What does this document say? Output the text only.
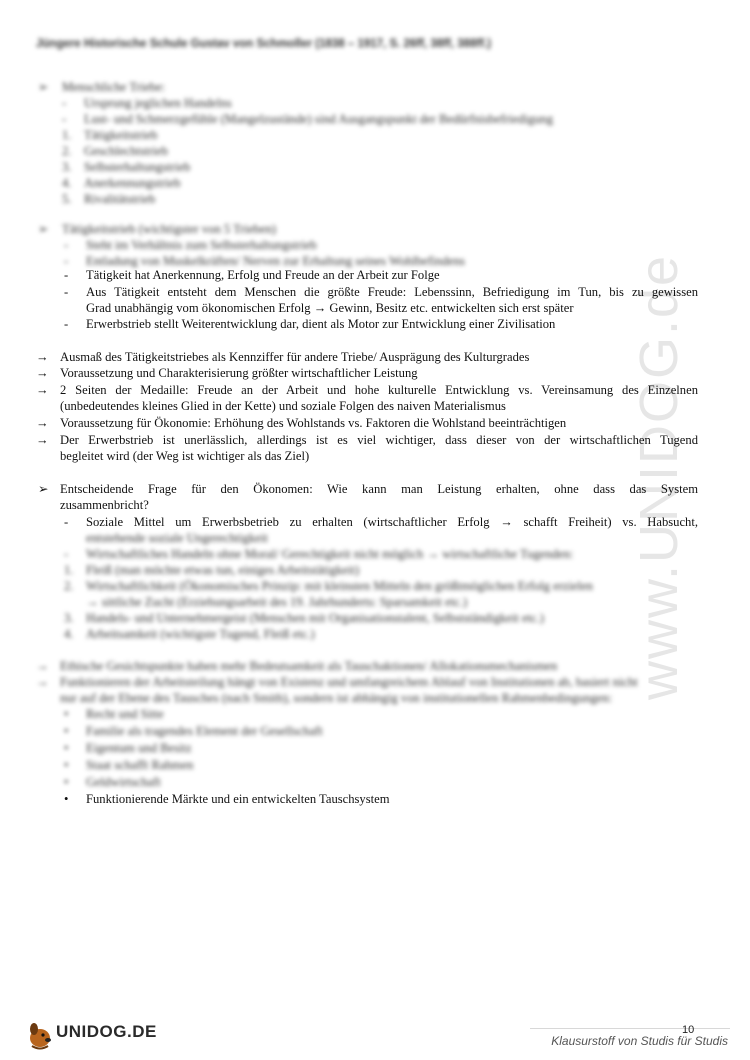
www.UNIDOG.de
Jüngere Historische Schule Gustav von Schmoller (1838 – 1917, S. 26ff, 38ff, 388ff.)
➢ Menschliche Triebe:
- Ursprung jeglichen Handelns
- Lust- und Schmerzgefühle (Mangelzustände) sind Ausgangspunkt der Bedürfnisbefriedigung
1. Tätigkeitstrieb
2. Geschlechtstrieb
3. Selbsterhaltungstrieb
4. Anerkennungstrieb
5. Rivalitätstrieb
➢ Tätigkeitstrieb (wichtigster von 5 Trieben)
- Steht im Verhältnis zum Selbsterhaltungstrieb
- Entladung von Muskelkräften/ Nerven zur Erhaltung seines Wohlbefindens
- Tätigkeit hat Anerkennung, Erfolg und Freude an der Arbeit zur Folge
- Aus Tätigkeit entsteht dem Menschen die größte Freude: Lebenssinn, Befriedigung im Tun, bis zu gewissen
Grad unabhängig vom ökonomischen Erfolg → Gewinn, Besitz etc. entwickelten sich erst später
- Erwerbstrieb stellt Weiterentwicklung dar, dient als Motor zur Entwicklung einer Zivilisation
→ Ausmaß des Tätigkeitstriebes als Kennziffer für andere Triebe/ Ausprägung des Kulturgrades
→ Voraussetzung und Charakterisierung größter wirtschaftlicher Leistung
→ 2 Seiten der Medaille: Freude an der Arbeit und hohe kulturelle Entwicklung vs. Vereinsamung des Einzelnen
(unbedeutendes kleines Glied in der Kette) und soziale Folgen des naiven Materialismus
→ Voraussetzung für Ökonomie: Erhöhung des Wohlstands vs. Faktoren die Wohlstand beeinträchtigen
→ Der Erwerbstrieb ist unerlässlich, allerdings ist es viel wichtiger, dass dieser von der wirtschaftlichen Tugend
begleitet wird (der Weg ist wichtiger als das Ziel)
➢ Entscheidende Frage für den Ökonomen: Wie kann man Leistung erhalten, ohne dass das System
zusammenbricht?
- Soziale Mittel um Erwerbsbetrieb zu erhalten (wirtschaftlicher Erfolg → schafft Freiheit) vs. Habsucht,
entstehende soziale Ungerechtigkeit
- Wirtschaftliches Handeln ohne Moral/ Gerechtigkeit nicht möglich → wirtschaftliche Tugenden:
1. Fleiß (man möchte etwas tun, einiges Arbeitstätigkeit)
2. Wirtschaftlichkeit (Ökonomisches Prinzip: mit kleinsten Mitteln den größtmöglichen Erfolg erzielen
→ sittliche Zucht (Erziehungsarbeit des 19. Jahrhunderts: Sparsamkeit etc.)
3. Handels- und Unternehmergeist (Menschen mit Organisationstalent, Selbstständigkeit etc.)
4. Arbeitsamkeit (wichtigste Tugend, Fleiß etc.)
→ Ethische Gesichtspunkte haben mehr Bedeutsamkeit als Tauschaktionen/ Allokationsmechanismen
→ Funktionieren der Arbeitsteilung hängt von Existenz und umfangreichem Ablauf von Institutionen ab, basiert nicht
nur auf der Ebene des Tausches (nach Smith), sondern ist abhängig von institutionellen Rahmenbedingungen:
• Recht und Sitte
• Familie als tragendes Element der Gesellschaft
• Eigentum und Besitz
• Staat schafft Rahmen
• Geldwirtschaft
• Funktionierende Märkte und ein entwickelten Tauschsystem
UNIDOG.DE	10
Klausurstoff von Studis für Studis
